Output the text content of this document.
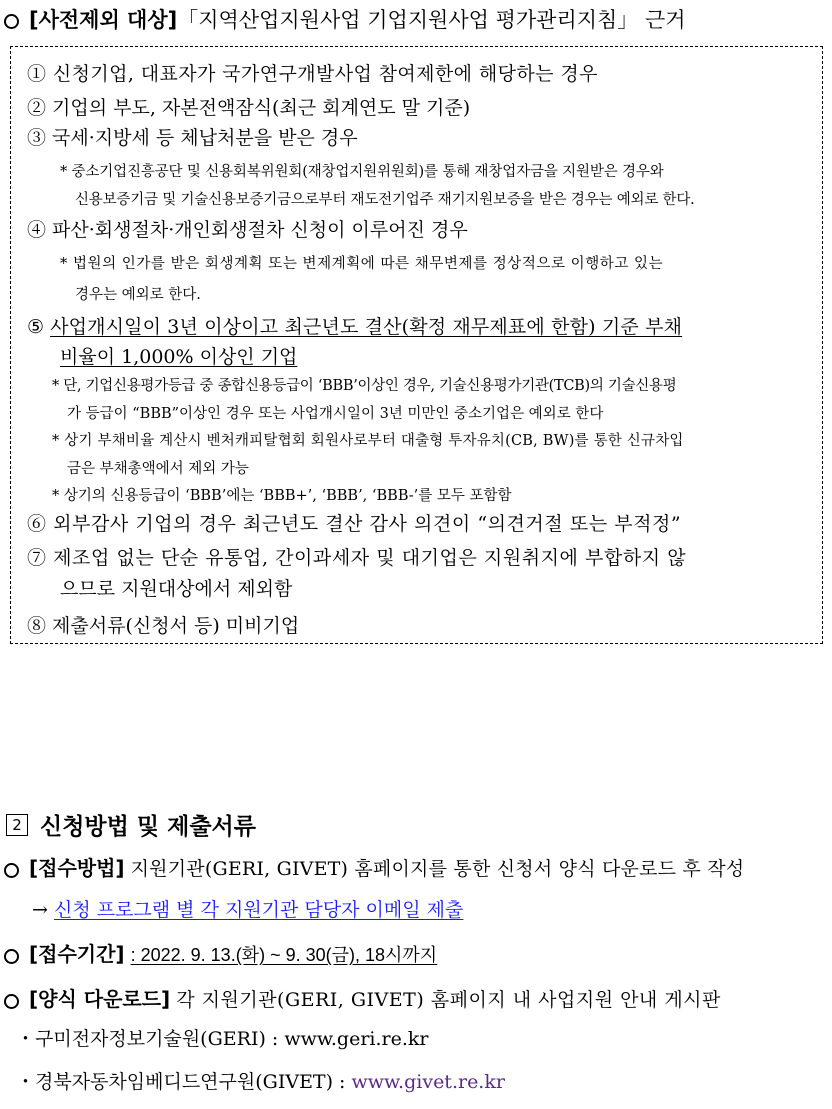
[사전제외 대상]「지역산업지원사업 기업지원사업 평가관리지침」 근거
① 신청기업, 대표자가 국가연구개발사업 참여제한에 해당하는 경우
② 기업의 부도, 자본전액잠식(최근 회계연도 말 기준)
③ 국세·지방세 등 체납처분을 받은 경우
* 중소기업진흥공단 및 신용회복위원회(재창업지원위원회)를 통해 재창업자금을 지원받은 경우와
신용보증기금 및 기술신용보증기금으로부터 재도전기업주 재기지원보증을 받은 경우는 예외로 한다.
④ 파산·회생절차·개인회생절차 신청이 이루어진 경우
* 법원의 인가를 받은 회생계획 또는 변제계획에 따른 채무변제를 정상적으로 이행하고 있는
경우는 예외로 한다.
⑤ 사업개시일이 3년 이상이고 최근년도 결산(확정 재무제표에 한함) 기준 부채
비율이 1,000% 이상인 기업
* 단, 기업신용평가등급 중 종합신용등급이 ‘BBB’이상인 경우, 기술신용평가기관(TCB)의 기술신용평
가 등급이 “BBB”이상인 경우 또는 사업개시일이 3년 미만인 중소기업은 예외로 한다
* 상기 부채비율 계산시 벤처캐피탈협회 회원사로부터 대출형 투자유치(CB, BW)를 통한 신규차입
금은 부채총액에서 제외 가능
* 상기의 신용등급이 ‘BBB’에는 ‘BBB+’, ‘BBB’, ‘BBB-’를 모두 포함함
⑥ 외부감사 기업의 경우 최근년도 결산 감사 의견이 “의견거절 또는 부적정”
⑦ 제조업 없는 단순 유통업, 간이과세자 및 대기업은 지원취지에 부합하지 않
으므로 지원대상에서 제외함
⑧ 제출서류(신청서 등) 미비기업
2 신청방법 및 제출서류
[접수방법] 지원기관(GERI, GIVET) 홈페이지를 통한 신청서 양식 다운로드 후 작성
→ 신청 프로그램 별 각 지원기관 담당자 이메일 제출
[접수기간] : 2022. 9. 13.(화) ~ 9. 30(금), 18시까지
[양식 다운로드] 각 지원기관(GERI, GIVET) 홈페이지 내 사업지원 안내 게시판
・구미전자정보기술원(GERI) : www.geri.re.kr
・경북자동차임베디드연구원(GIVET) : www.givet.re.kr
